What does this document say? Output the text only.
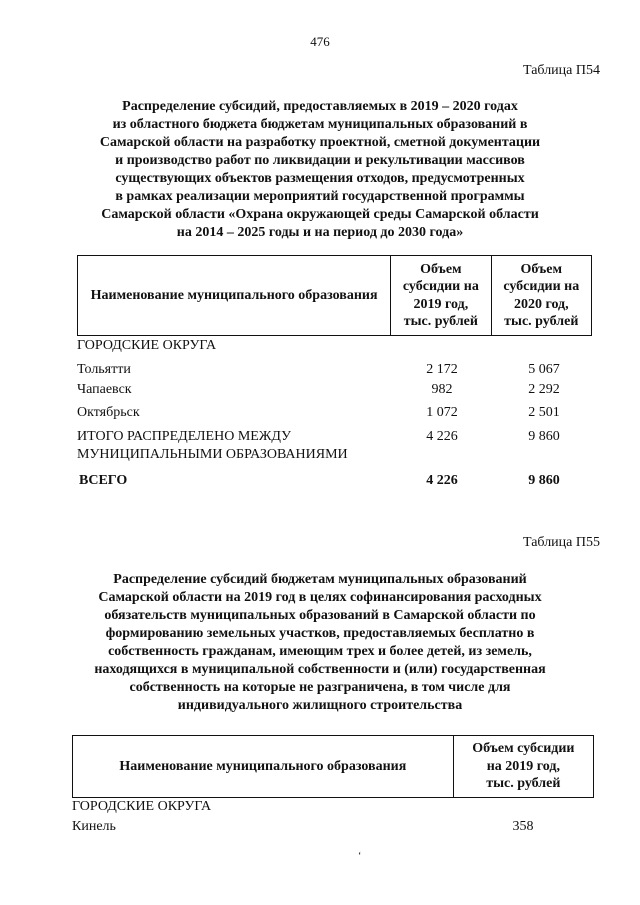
476
Таблица П54
Распределение субсидий, предоставляемых в 2019 – 2020 годах
из областного бюджета бюджетам муниципальных образований в
Самарской области на разработку проектной, сметной документации
и производство работ по ликвидации и рекультивации массивов
существующих объектов размещения отходов, предусмотренных
в рамках реализации мероприятий государственной программы
Самарской области «Охрана окружающей среды Самарской области
на 2014 – 2025 годы и на период до 2030 года»
Наименование муниципального образования	
Объем
субсидии на
2019 год,
тыс. рублей

Объем
субсидии на
2020 год,
тыс. рублей
ГОРОДСКИЕ ОКРУГА
Тольятти	2 172	5 067
Чапаевск	982	2 292
Октябрьск	1 072	2 501
ИТОГО РАСПРЕДЕЛЕНО МЕЖДУ
МУНИЦИПАЛЬНЫМИ ОБРАЗОВАНИЯМИ
4 226	9 860
ВСЕГО	4 226	9 860
Таблица П55
Распределение субсидий бюджетам муниципальных образований
Самарской области на 2019 год в целях софинансирования расходных
обязательств муниципальных образований в Самарской области по
формированию земельных участков, предоставляемых бесплатно в
собственность гражданам, имеющим трех и более детей, из земель,
находящихся в муниципальной собственности и (или) государственная
собственность на которые не разграничена, в том числе для
индивидуального жилищного строительства
Наименование муниципального образования	
Объем субсидии
на 2019 год,
тыс. рублей
ГОРОДСКИЕ ОКРУГА
Кинель	358
‘
